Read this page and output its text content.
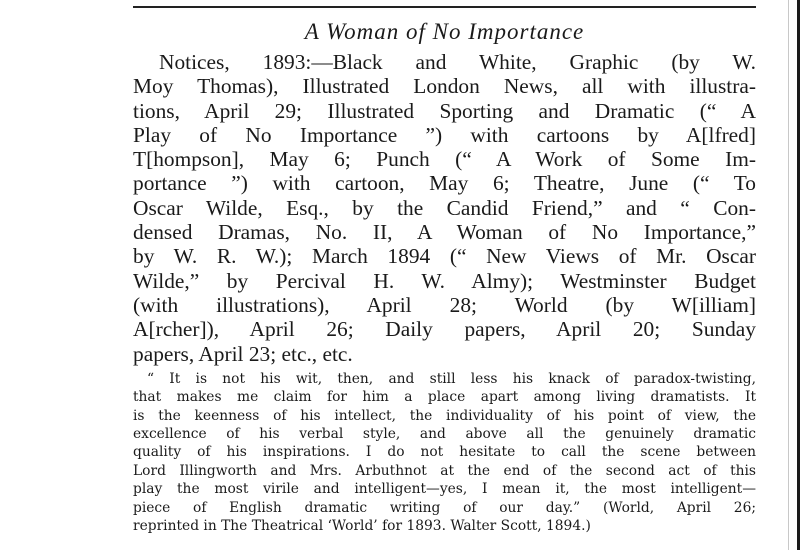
A Woman of No Importance
Notices, 1893:—Black and White, Graphic (by W.
Moy Thomas), Illustrated London News, all with illustra-
tions, April 29; Illustrated Sporting and Dramatic (“ A
Play of No Importance ”) with cartoons by A[lfred]
T[hompson], May 6; Punch (“ A Work of Some Im-
portance ”) with cartoon, May 6; Theatre, June (“ To
Oscar Wilde, Esq., by the Candid Friend,” and “ Con-
densed Dramas, No. II, A Woman of No Importance,”
by W. R. W.); March 1894 (“ New Views of Mr. Oscar
Wilde,” by Percival H. W. Almy); Westminster Budget
(with illustrations), April 28; World (by W[illiam]
A[rcher]), April 26; Daily papers, April 20; Sunday
papers, April 23; etc., etc.
“ It is not his wit, then, and still less his knack of paradox-twisting,
that makes me claim for him a place apart among living dramatists. It
is the keenness of his intellect, the individuality of his point of view, the
excellence of his verbal style, and above all the genuinely dramatic
quality of his inspirations. I do not hesitate to call the scene between
Lord Illingworth and Mrs. Arbuthnot at the end of the second act of this
play the most virile and intelligent—yes, I mean it, the most intelligent—
piece of English dramatic writing of our day.” (World, April 26;
reprinted in The Theatrical ‘World’ for 1893. Walter Scott, 1894.)
